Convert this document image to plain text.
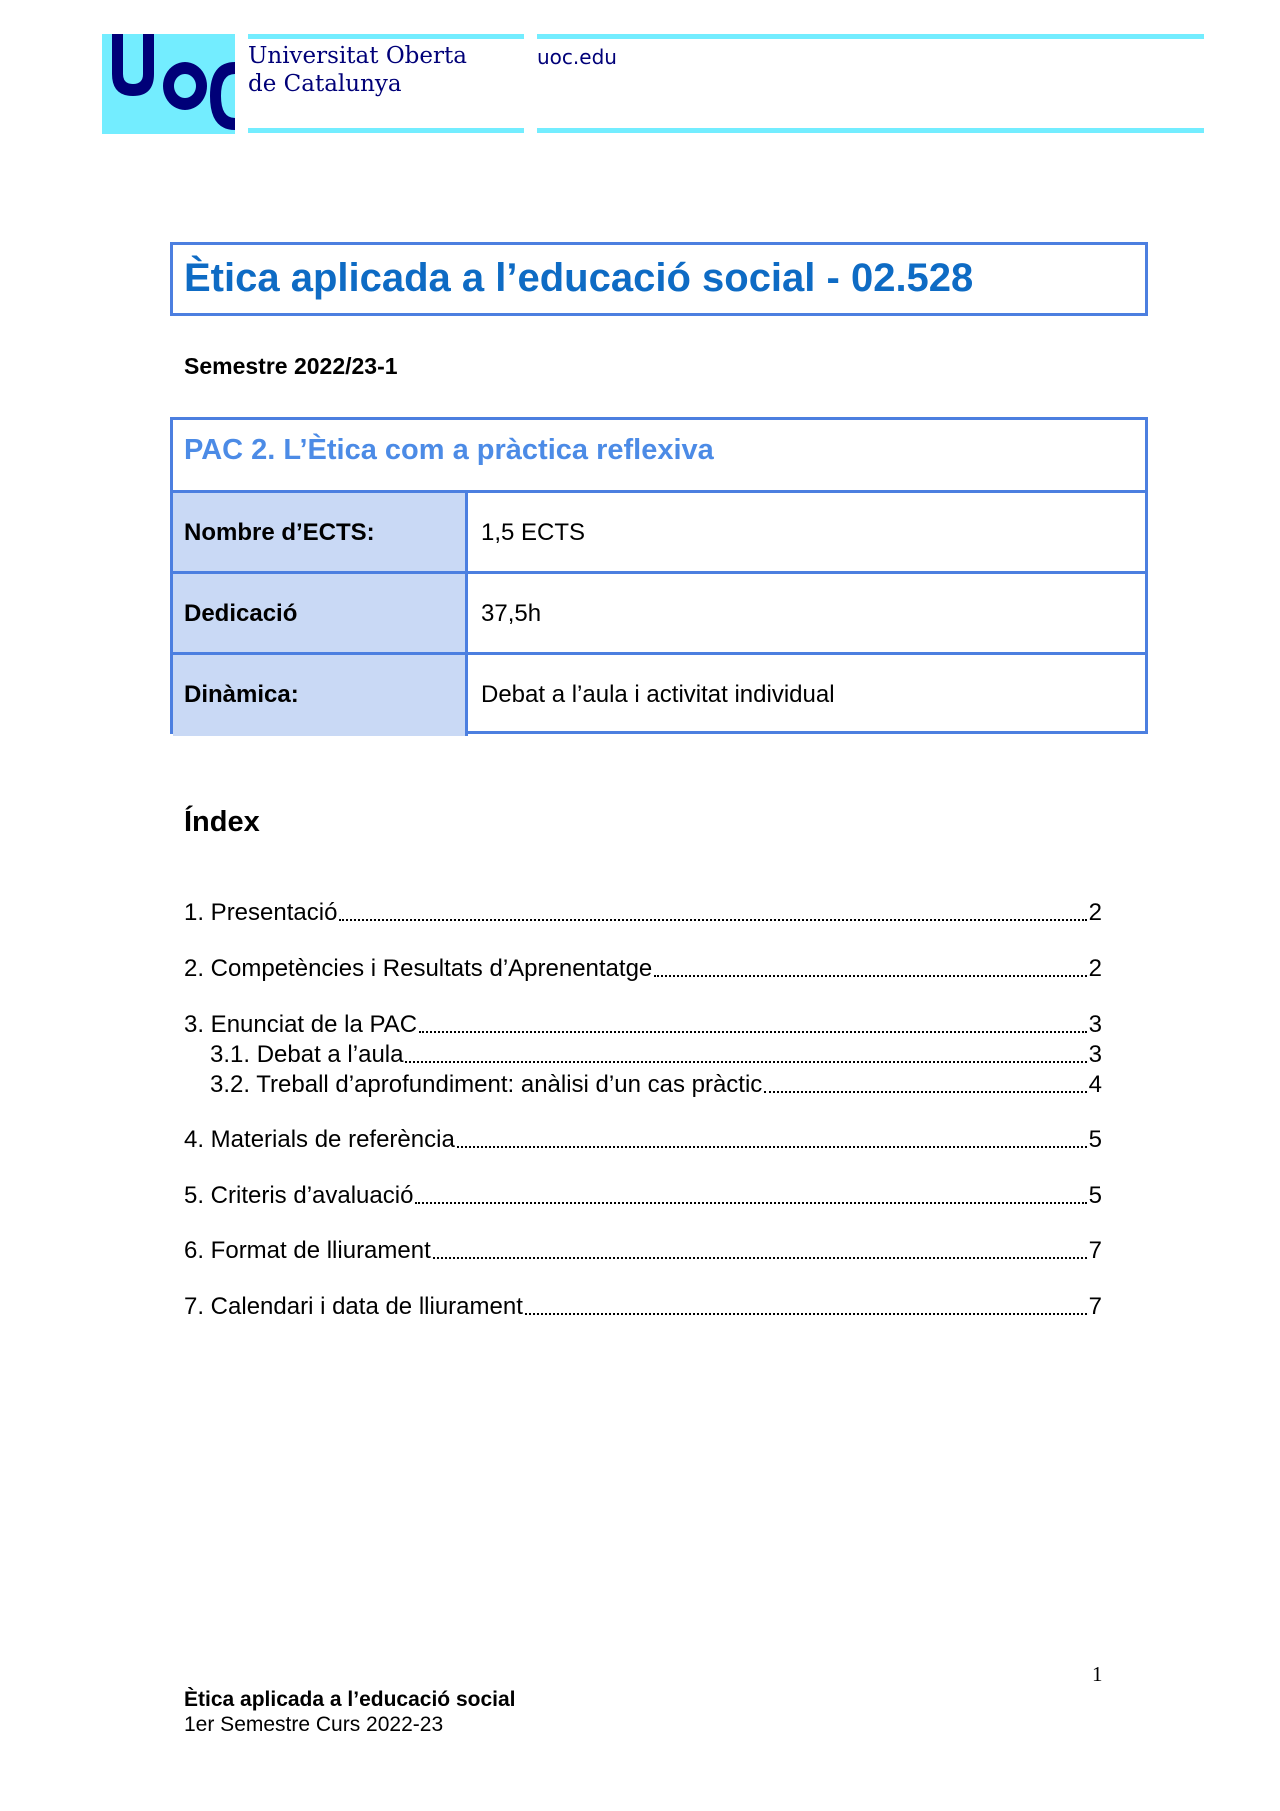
Universitat Oberta
de Catalunya
uoc.edu
Ètica aplicada a l’educació social - 02.528
Semestre 2022/23-1
PAC 2. L’Ètica com a pràctica reflexiva
Nombre d’ECTS:	1,5 ECTS
Dedicació	37,5h
Dinàmica:	Debat a l’aula i activitat individual
Índex
1. Presentació	2
2. Competències i Resultats d’Aprenentatge	2
3. Enunciat de la PAC	3
3.1. Debat a l’aula	3
3.2. Treball d’aprofundiment: anàlisi d’un cas pràctic	4
4. Materials de referència	5
5. Criteris d’avaluació	5
6. Format de lliurament	7
7. Calendari i data de lliurament	7
1
Ètica aplicada a l’educació social
1er Semestre Curs 2022-23
